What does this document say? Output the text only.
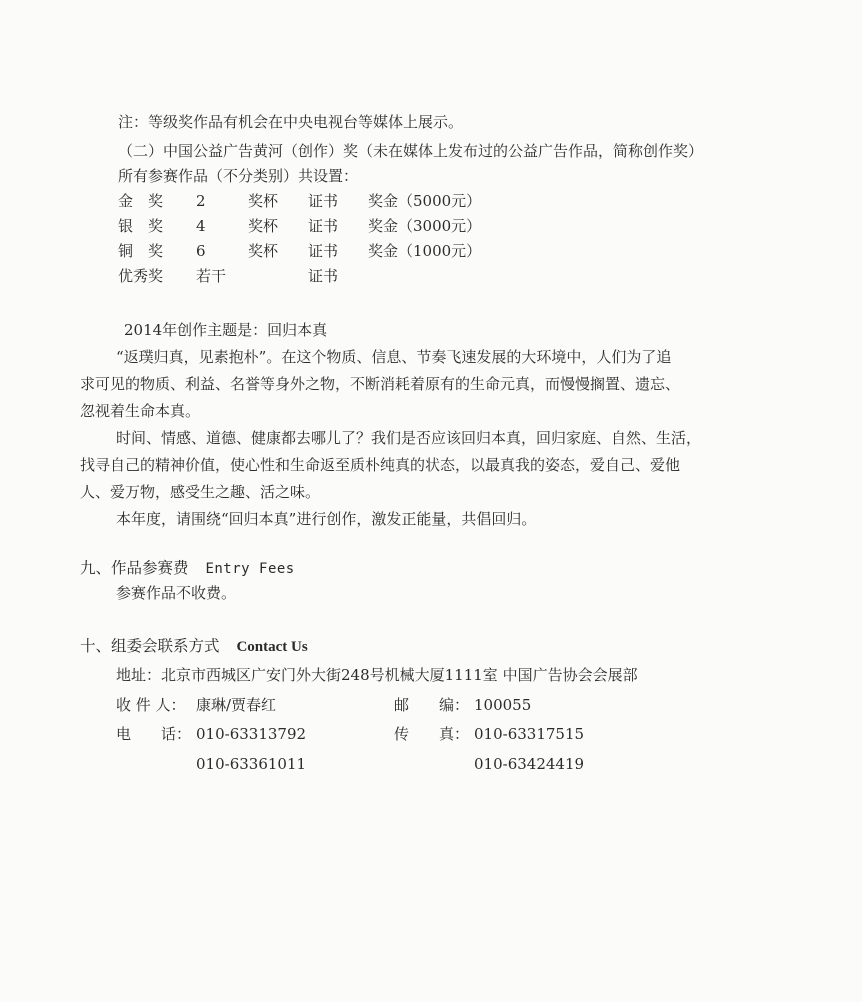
注：等级奖作品有机会在中央电视台等媒体上展示。
（二）中国公益广告黄河（创作）奖（未在媒体上发布过的公益广告作品，简称创作奖）
所有参赛作品（不分类别）共设置：
金　奖 2	奖杯 证书 奖金（5000元）
银　奖 4	奖杯 证书 奖金（3000元）
铜　奖 6	奖杯 证书 奖金（1000元）
优秀奖 若干	证书
2014年创作主题是：回归本真
“返璞归真，见素抱朴”。在这个物质、信息、节奏飞速发展的大环境中，人们为了追
求可见的物质、利益、名誉等身外之物，不断消耗着原有的生命元真，而慢慢搁置、遗忘、
忽视着生命本真。
时间、情感、道德、健康都去哪儿了？我们是否应该回归本真，回归家庭、自然、生活，
找寻自己的精神价值，使心性和生命返至质朴纯真的状态，以最真我的姿态，爱自己、爱他
人、爱万物，感受生之趣、活之味。
本年度，请围绕“回归本真”进行创作，激发正能量，共倡回归。
九、作品参赛费 Entry Fees
参赛作品不收费。
十、组委会联系方式 Contact Us
地址：北京市西城区广安门外大街248号机械大厦1111室 中国广告协会会展部
收 件 人： 康琳/贾春红	邮　　编： 100055
电　　话： 010-63313792	传　　真： 010-63317515
010-63361011	010-63424419
